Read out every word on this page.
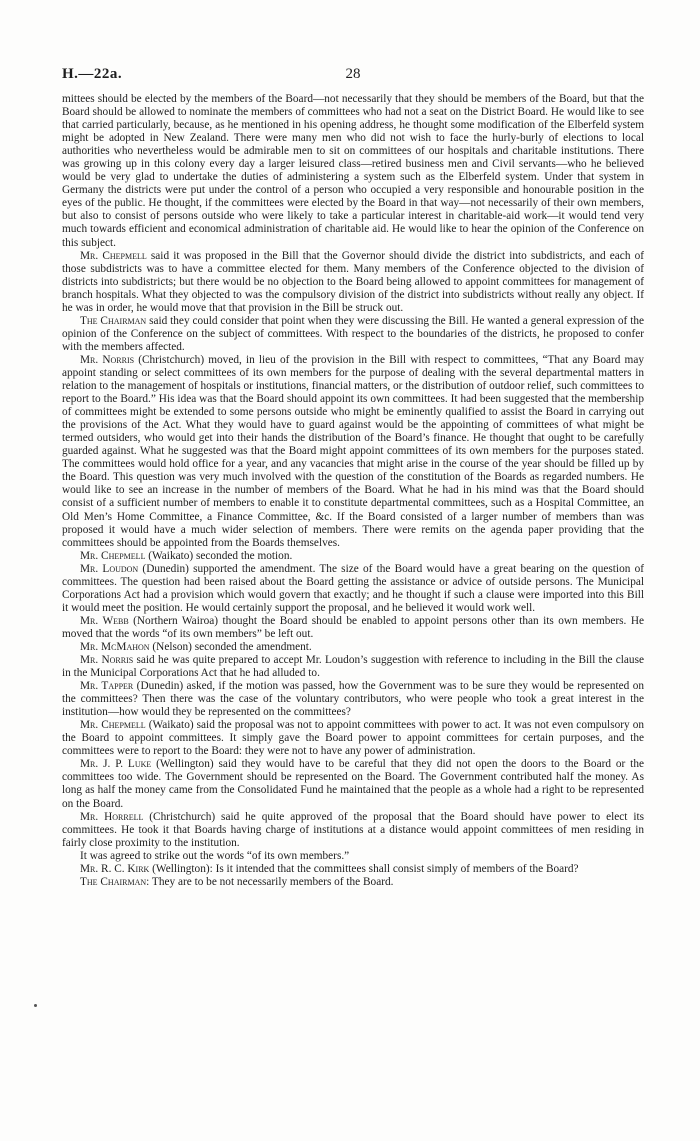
H.—22a.	28

mittees should be elected by the members of the Board—not necessarily that they should be members of the Board, but that the Board should be allowed to nominate the members of committees who had not a seat on the District Board. He would like to see that carried particularly, because, as he mentioned in his opening address, he thought some modification of the Elberfeld system might be adopted in New Zealand. There were many men who did not wish to face the hurly-burly of elections to local authorities who nevertheless would be admirable men to sit on committees of our hospitals and charitable institutions. There was growing up in this colony every day a larger leisured class—retired business men and Civil servants—who he believed would be very glad to undertake the duties of administering a system such as the Elberfeld system. Under that system in Germany the districts were put under the control of a person who occupied a very responsible and honourable position in the eyes of the public. He thought, if the committees were elected by the Board in that way—not necessarily of their own members, but also to consist of persons outside who were likely to take a particular interest in charitable-aid work—it would tend very much towards efficient and economical administration of charitable aid. He would like to hear the opinion of the Conference on this subject.

Mr. Chepmell said it was proposed in the Bill that the Governor should divide the district into subdistricts, and each of those subdistricts was to have a committee elected for them. Many members of the Conference objected to the division of districts into subdistricts; but there would be no objection to the Board being allowed to appoint committees for management of branch hospitals. What they objected to was the compulsory division of the district into subdistricts without really any object. If he was in order, he would move that that provision in the Bill be struck out.

The Chairman said they could consider that point when they were discussing the Bill. He wanted a general expression of the opinion of the Conference on the subject of committees. With respect to the boundaries of the districts, he proposed to confer with the members affected.

Mr. Norris (Christchurch) moved, in lieu of the provision in the Bill with respect to committees, “That any Board may appoint standing or select committees of its own members for the purpose of dealing with the several departmental matters in relation to the management of hospitals or institutions, financial matters, or the distribution of outdoor relief, such committees to report to the Board.” His idea was that the Board should appoint its own committees. It had been suggested that the membership of committees might be extended to some persons outside who might be eminently qualified to assist the Board in carrying out the provisions of the Act. What they would have to guard against would be the appointing of committees of what might be termed outsiders, who would get into their hands the distribution of the Board’s finance. He thought that ought to be carefully guarded against. What he suggested was that the Board might appoint committees of its own members for the purposes stated. The committees would hold office for a year, and any vacancies that might arise in the course of the year should be filled up by the Board. This question was very much involved with the question of the constitution of the Boards as regarded numbers. He would like to see an increase in the number of members of the Board. What he had in his mind was that the Board should consist of a sufficient number of members to enable it to constitute departmental committees, such as a Hospital Committee, an Old Men’s Home Committee, a Finance Committee, &c. If the Board consisted of a larger number of members than was proposed it would have a much wider selection of members. There were remits on the agenda paper providing that the committees should be appointed from the Boards themselves.

Mr. Chepmell (Waikato) seconded the motion.

Mr. Loudon (Dunedin) supported the amendment. The size of the Board would have a great bearing on the question of committees. The question had been raised about the Board getting the assistance or advice of outside persons. The Municipal Corporations Act had a provision which would govern that exactly; and he thought if such a clause were imported into this Bill it would meet the position. He would certainly support the proposal, and he believed it would work well.

Mr. Webb (Northern Wairoa) thought the Board should be enabled to appoint persons other than its own members. He moved that the words “of its own members” be left out.

Mr. McMahon (Nelson) seconded the amendment.

Mr. Norris said he was quite prepared to accept Mr. Loudon’s suggestion with reference to including in the Bill the clause in the Municipal Corporations Act that he had alluded to.

Mr. Tapper (Dunedin) asked, if the motion was passed, how the Government was to be sure they would be represented on the committees? Then there was the case of the voluntary contributors, who were people who took a great interest in the institution—how would they be represented on the committees?

Mr. Chepmell (Waikato) said the proposal was not to appoint committees with power to act. It was not even compulsory on the Board to appoint committees. It simply gave the Board power to appoint committees for certain purposes, and the committees were to report to the Board: they were not to have any power of administration.

Mr. J. P. Luke (Wellington) said they would have to be careful that they did not open the doors to the Board or the committees too wide. The Government should be represented on the Board. The Government contributed half the money. As long as half the money came from the Consolidated Fund he maintained that the people as a whole had a right to be represented on the Board.

Mr. Horrell (Christchurch) said he quite approved of the proposal that the Board should have power to elect its committees. He took it that Boards having charge of institutions at a distance would appoint committees of men residing in fairly close proximity to the institution.

It was agreed to strike out the words “of its own members.”

Mr. R. C. Kirk (Wellington): Is it intended that the committees shall consist simply of members of the Board?

The Chairman: They are to be not necessarily members of the Board.
